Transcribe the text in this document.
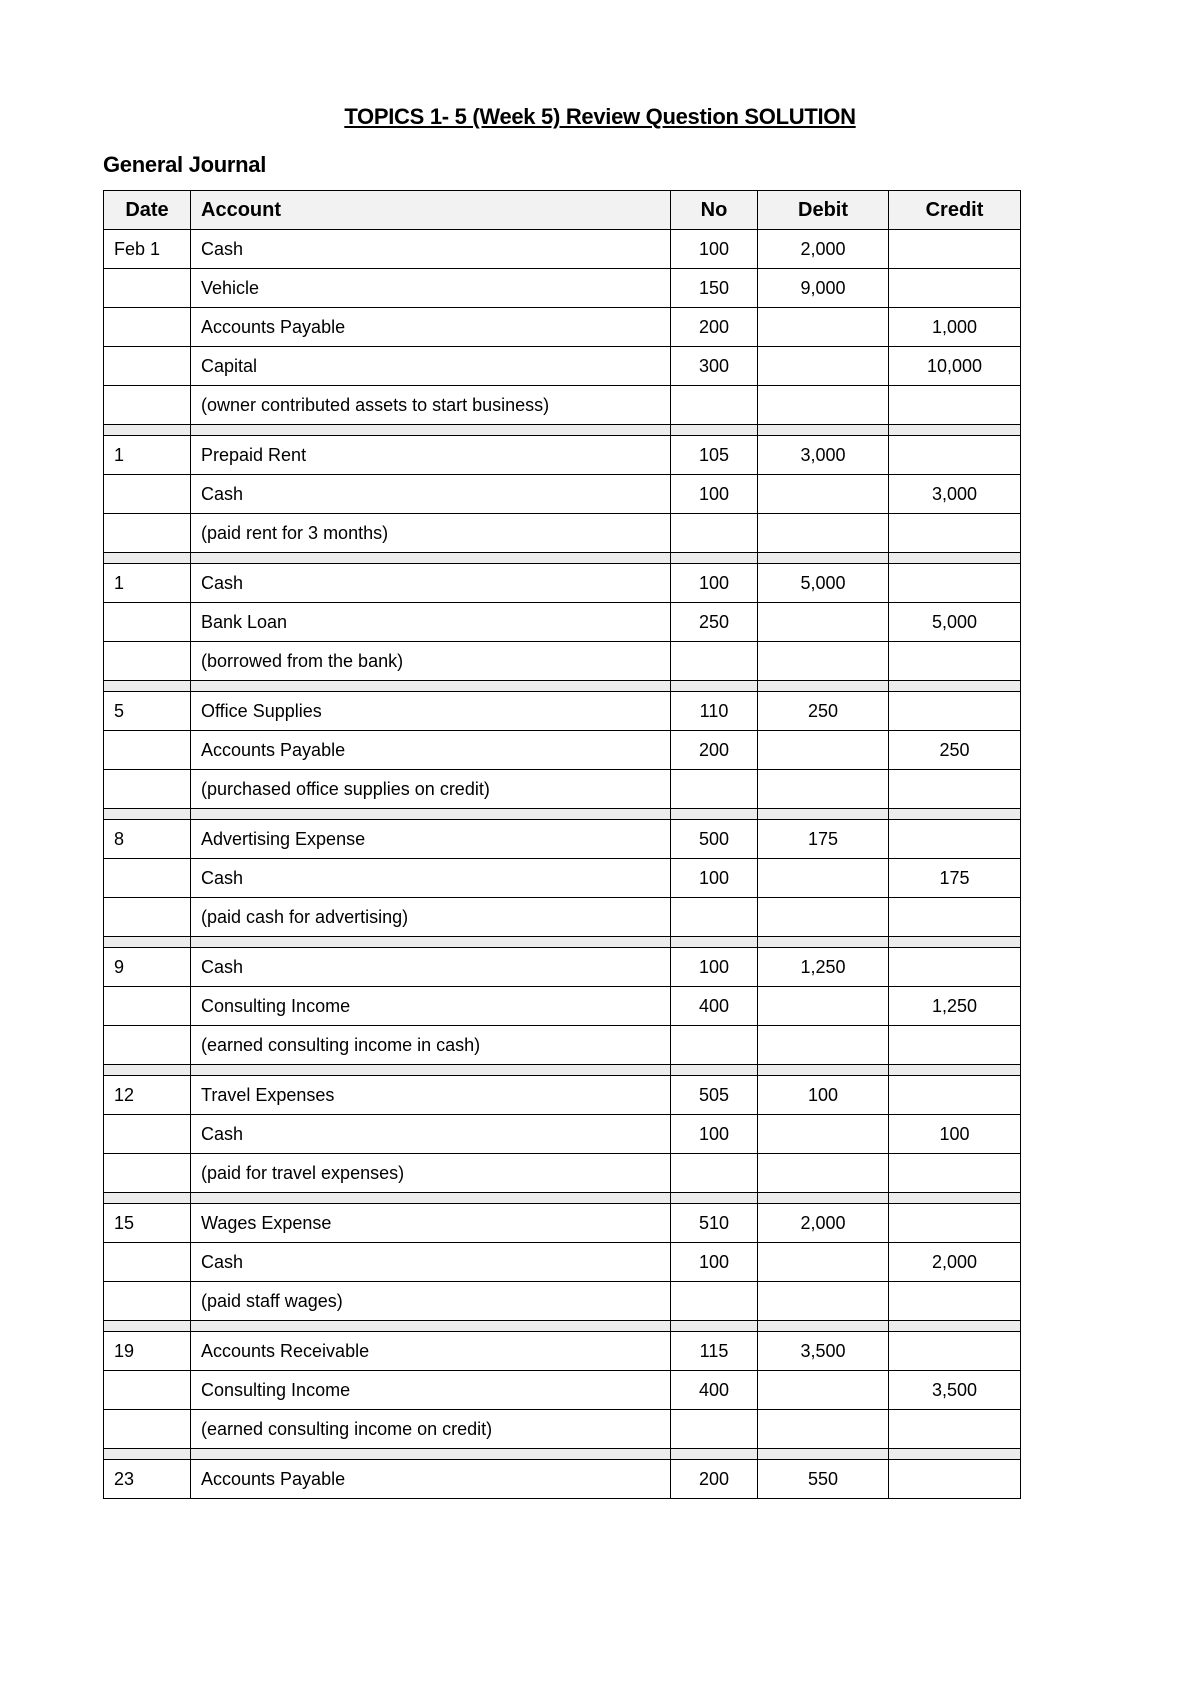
TOPICS 1- 5 (Week 5) Review Question SOLUTION
General Journal
Date	Account	No	Debit	Credit
Feb 1	Cash	100	2,000	
	Vehicle	150	9,000	
	Accounts Payable	200		1,000
	Capital	300		10,000
	(owner contributed assets to start business)			

1	Prepaid Rent	105	3,000	
	Cash	100		3,000
	(paid rent for 3 months)			

1	Cash	100	5,000	
	Bank Loan	250		5,000
	(borrowed from the bank)			

5	Office Supplies	110	250	
	Accounts Payable	200		250
	(purchased office supplies on credit)			

8	Advertising Expense	500	175	
	Cash	100		175
	(paid cash for advertising)			

9	Cash	100	1,250	
	Consulting Income	400		1,250
	(earned consulting income in cash)			

12	Travel Expenses	505	100	
	Cash	100		100
	(paid for travel expenses)			

15	Wages Expense	510	2,000	
	Cash	100		2,000
	(paid staff wages)			

19	Accounts Receivable	115	3,500	
	Consulting Income	400		3,500
	(earned consulting income on credit)			

23	Accounts Payable	200	550	
